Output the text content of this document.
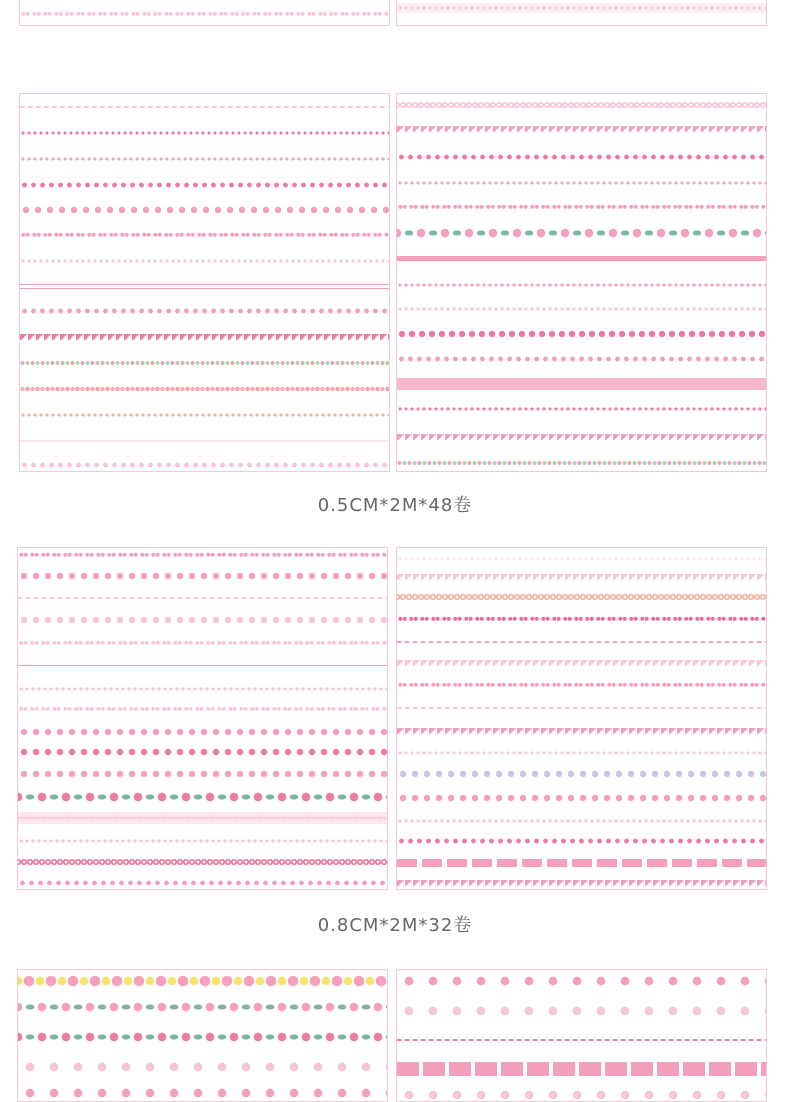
0.5CM*2M*48卷
0.8CM*2M*32卷
